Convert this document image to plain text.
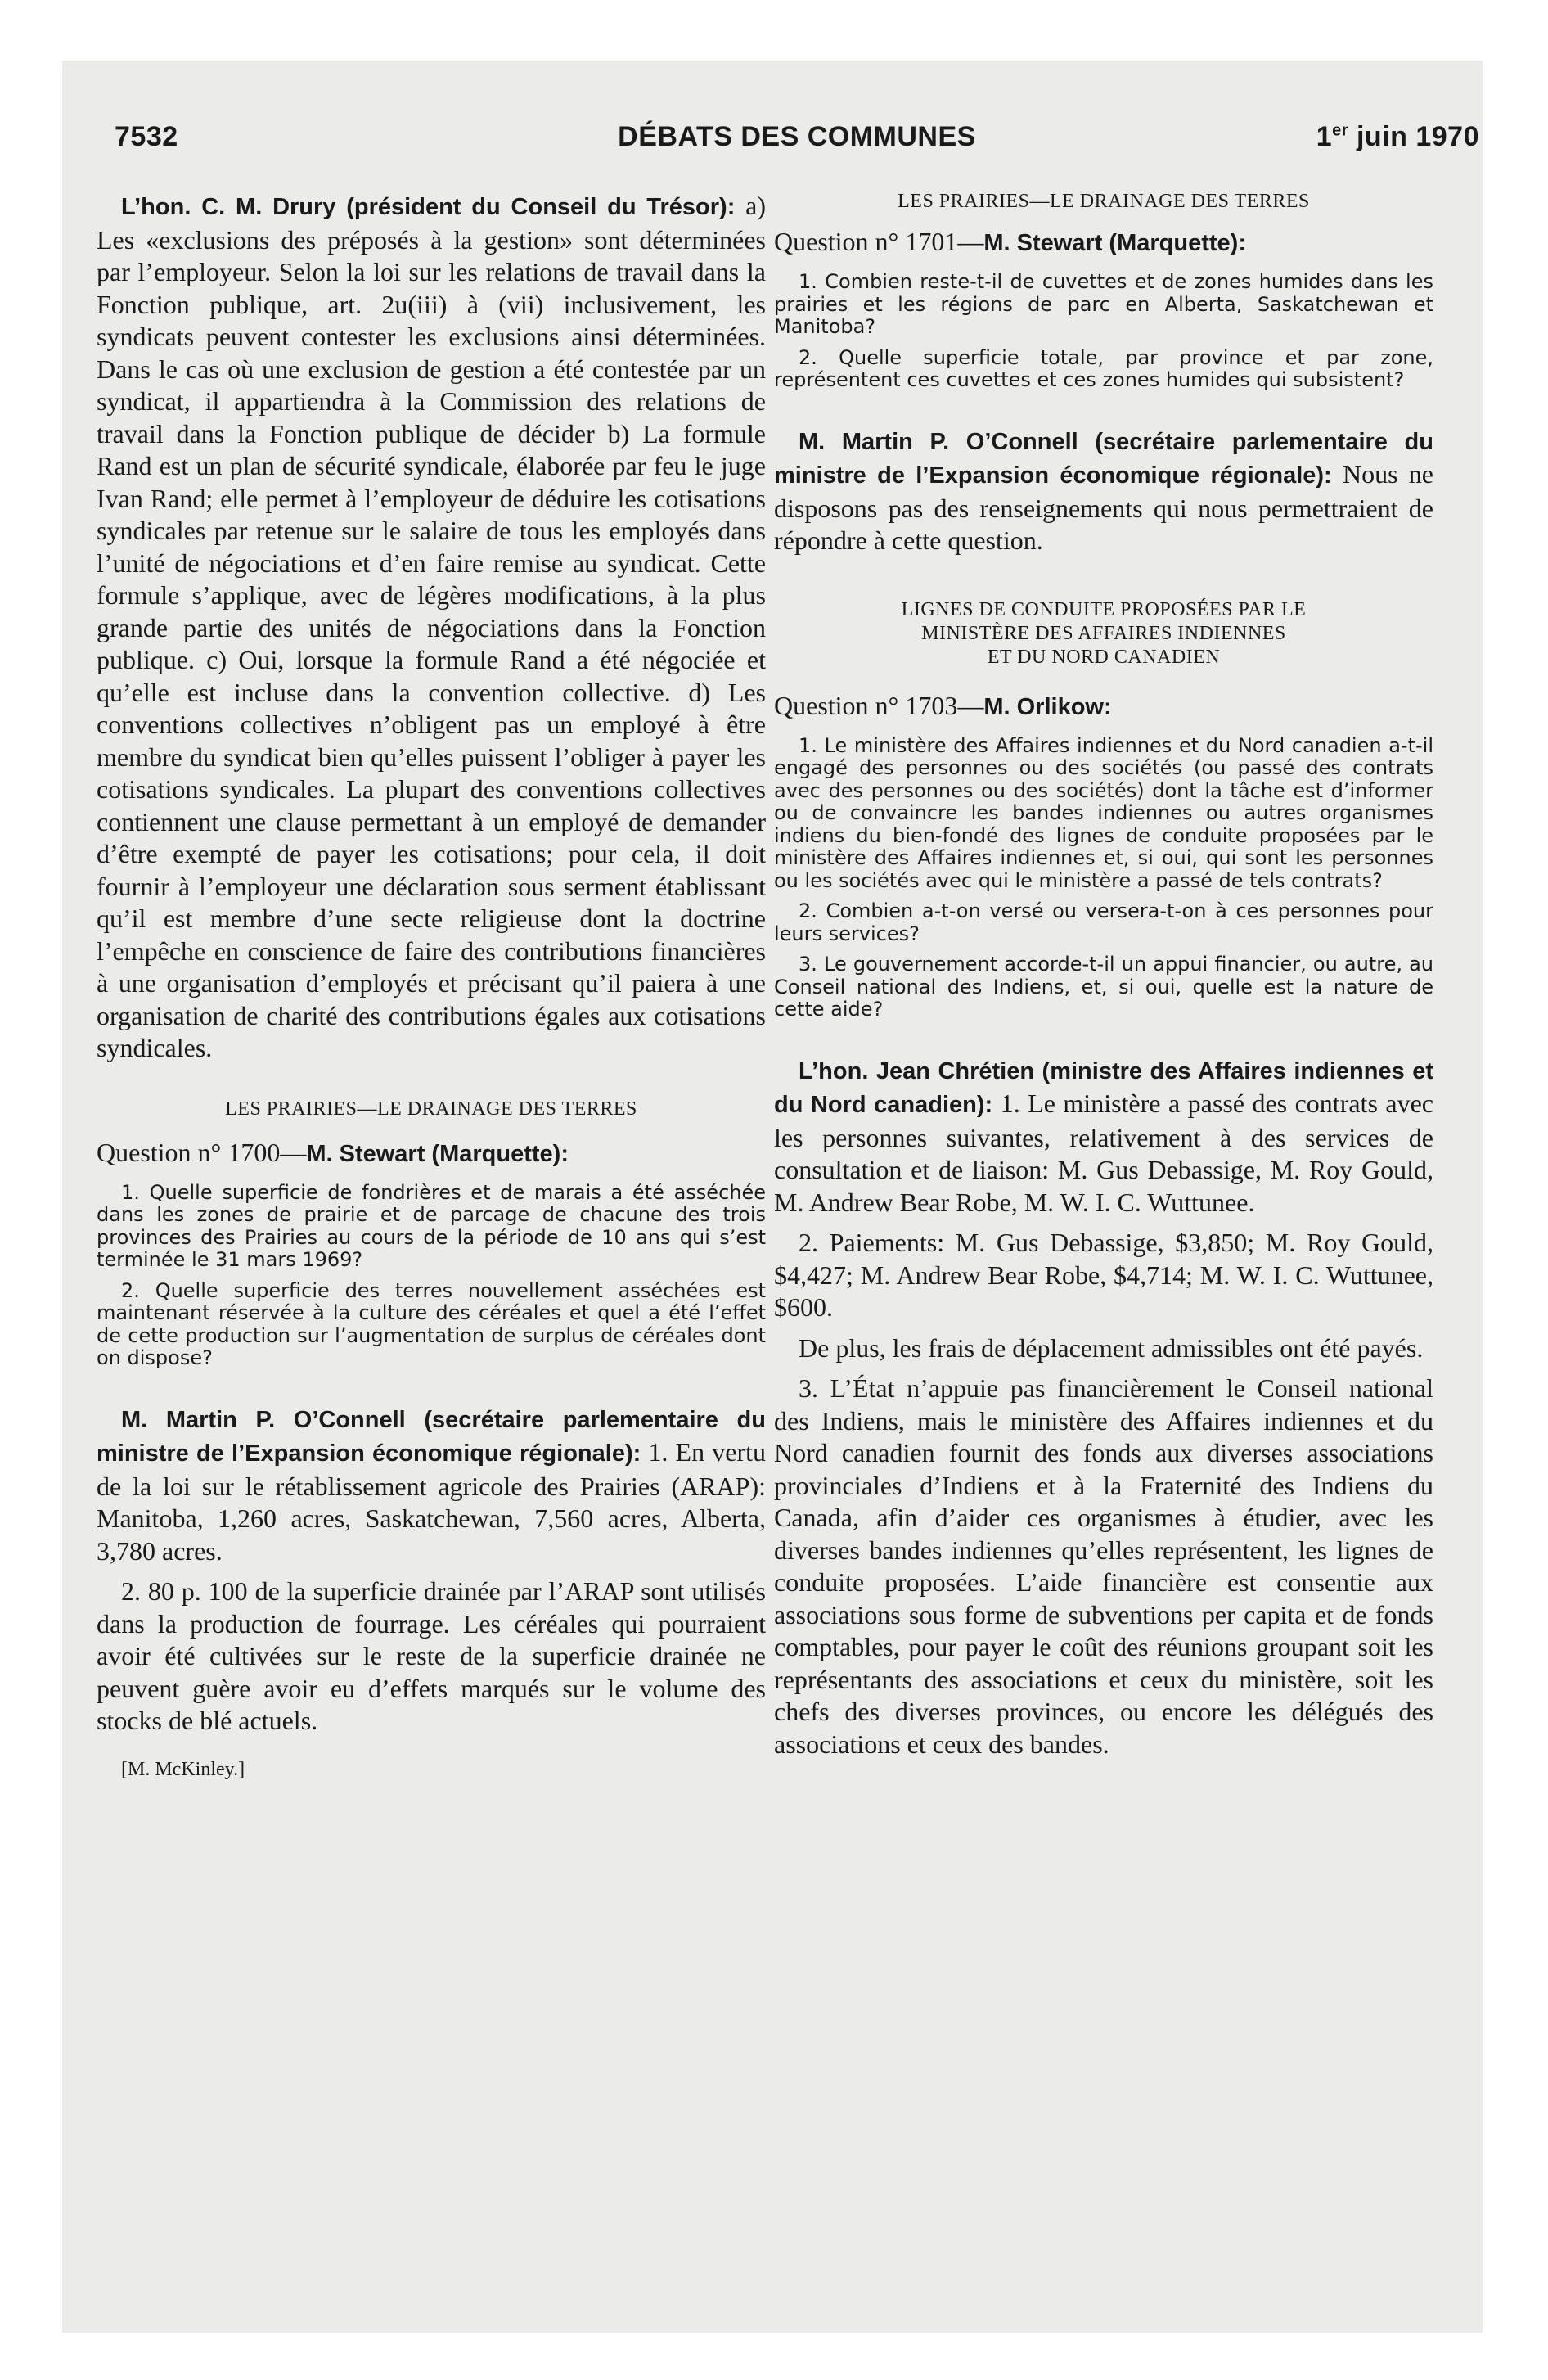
7532	DÉBATS DES COMMUNES	1er juin 1970
L’hon. C. M. Drury (président du Conseil du Trésor): a) Les «exclusions des préposés à la gestion» sont déterminées par l’employeur. Selon la loi sur les relations de travail dans la Fonction publique, art. 2u(iii) à (vii) inclusivement, les syndicats peuvent contester les exclusions ainsi déterminées. Dans le cas où une exclusion de gestion a été contestée par un syndicat, il appartiendra à la Commission des relations de travail dans la Fonction publique de décider b) La formule Rand est un plan de sécurité syndicale, élaborée par feu le juge Ivan Rand; elle permet à l’employeur de déduire les cotisations syndicales par retenue sur le salaire de tous les employés dans l’unité de négociations et d’en faire remise au syndicat. Cette formule s’applique, avec de légères modifications, à la plus grande partie des unités de négociations dans la Fonction publique. c) Oui, lorsque la formule Rand a été négociée et qu’elle est incluse dans la convention collective. d) Les conventions collectives n’obligent pas un employé à être membre du syndicat bien qu’elles puissent l’obliger à payer les cotisations syndicales. La plupart des conventions collectives contiennent une clause permettant à un employé de demander d’être exempté de payer les cotisations; pour cela, il doit fournir à l’employeur une déclaration sous serment établissant qu’il est membre d’une secte religieuse dont la doctrine l’empêche en conscience de faire des contributions financières à une organisation d’employés et précisant qu’il paiera à une organisation de charité des contributions égales aux cotisations syndicales.
LES PRAIRIES—LE DRAINAGE DES TERRES
Question n° 1700—M. Stewart (Marquette):
1. Quelle superficie de fondrières et de marais a été asséchée dans les zones de prairie et de parcage de chacune des trois provinces des Prairies au cours de la période de 10 ans qui s’est terminée le 31 mars 1969?
2. Quelle superficie des terres nouvellement asséchées est maintenant réservée à la culture des céréales et quel a été l’effet de cette production sur l’augmentation de surplus de céréales dont on dispose?
M. Martin P. O’Connell (secrétaire parlementaire du ministre de l’Expansion économique régionale): 1. En vertu de la loi sur le rétablissement agricole des Prairies (ARAP): Manitoba, 1,260 acres, Saskatchewan, 7,560 acres, Alberta, 3,780 acres.
2. 80 p. 100 de la superficie drainée par l’ARAP sont utilisés dans la production de fourrage. Les céréales qui pourraient avoir été cultivées sur le reste de la superficie drainée ne peuvent guère avoir eu d’effets marqués sur le volume des stocks de blé actuels.
[M. McKinley.]
LES PRAIRIES—LE DRAINAGE DES TERRES
Question n° 1701—M. Stewart (Marquette):
1. Combien reste-t-il de cuvettes et de zones humides dans les prairies et les régions de parc en Alberta, Saskatchewan et Manitoba?
2. Quelle superficie totale, par province et par zone, représentent ces cuvettes et ces zones humides qui subsistent?
M. Martin P. O’Connell (secrétaire parlementaire du ministre de l’Expansion économique régionale): Nous ne disposons pas des renseignements qui nous permettraient de répondre à cette question.
LIGNES DE CONDUITE PROPOSÉES PAR LE
MINISTÈRE DES AFFAIRES INDIENNES
ET DU NORD CANADIEN
Question n° 1703—M. Orlikow:
1. Le ministère des Affaires indiennes et du Nord canadien a-t-il engagé des personnes ou des sociétés (ou passé des contrats avec des personnes ou des sociétés) dont la tâche est d’informer ou de convaincre les bandes indiennes ou autres organismes indiens du bien-fondé des lignes de conduite proposées par le ministère des Affaires indiennes et, si oui, qui sont les personnes ou les sociétés avec qui le ministère a passé de tels contrats?
2. Combien a-t-on versé ou versera-t-on à ces personnes pour leurs services?
3. Le gouvernement accorde-t-il un appui financier, ou autre, au Conseil national des Indiens, et, si oui, quelle est la nature de cette aide?
L’hon. Jean Chrétien (ministre des Affaires indiennes et du Nord canadien): 1. Le ministère a passé des contrats avec les personnes suivantes, relativement à des services de consultation et de liaison: M. Gus Debassige, M. Roy Gould, M. Andrew Bear Robe, M. W. I. C. Wuttunee.
2. Paiements: M. Gus Debassige, $3,850; M. Roy Gould, $4,427; M. Andrew Bear Robe, $4,714; M. W. I. C. Wuttunee, $600.
De plus, les frais de déplacement admissibles ont été payés.
3. L’État n’appuie pas financièrement le Conseil national des Indiens, mais le ministère des Affaires indiennes et du Nord canadien fournit des fonds aux diverses associations provinciales d’Indiens et à la Fraternité des Indiens du Canada, afin d’aider ces organismes à étudier, avec les diverses bandes indiennes qu’elles représentent, les lignes de conduite proposées. L’aide financière est consentie aux associations sous forme de subventions per capita et de fonds comptables, pour payer le coût des réunions groupant soit les représentants des associations et ceux du ministère, soit les chefs des diverses provinces, ou encore les délégués des associations et ceux des bandes.
